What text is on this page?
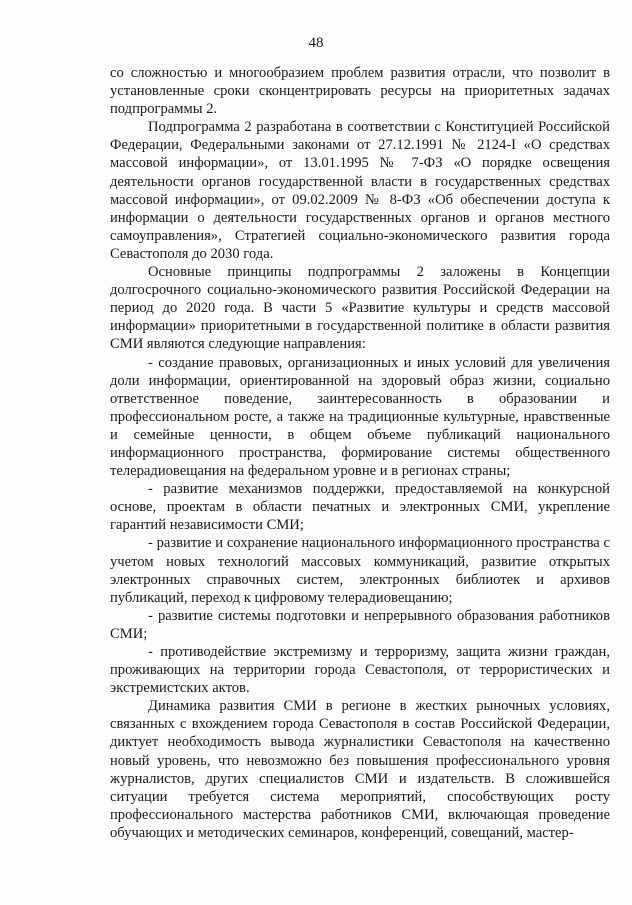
48

со сложностью и многообразием проблем развития отрасли, что позволит в установленные сроки сконцентрировать ресурсы на приоритетных задачах подпрограммы 2.

Подпрограмма 2 разработана в соответствии с Конституцией Российской Федерации, Федеральными законами от 27.12.1991 № 2124-I «О средствах массовой информации», от 13.01.1995 № 7-ФЗ «О порядке освещения деятельности органов государственной власти в государственных средствах массовой информации», от 09.02.2009 № 8-ФЗ «Об обеспечении доступа к информации о деятельности государственных органов и органов местного самоуправления», Стратегией социально-экономического развития города Севастополя до 2030 года.

Основные принципы подпрограммы 2 заложены в Концепции долгосрочного социально-экономического развития Российской Федерации на период до 2020 года. В части 5 «Развитие культуры и средств массовой информации» приоритетными в государственной политике в области развития СМИ являются следующие направления:

- создание правовых, организационных и иных условий для увеличения доли информации, ориентированной на здоровый образ жизни, социально ответственное поведение, заинтересованность в образовании и профессиональном росте, а также на традиционные культурные, нравственные и семейные ценности, в общем объеме публикаций национального информационного пространства, формирование системы общественного телерадиовещания на федеральном уровне и в регионах страны;

- развитие механизмов поддержки, предоставляемой на конкурсной основе, проектам в области печатных и электронных СМИ, укрепление гарантий независимости СМИ;

- развитие и сохранение национального информационного пространства с учетом новых технологий массовых коммуникаций, развитие открытых электронных справочных систем, электронных библиотек и архивов публикаций, переход к цифровому телерадиовещанию;

- развитие системы подготовки и непрерывного образования работников СМИ;

- противодействие экстремизму и терроризму, защита жизни граждан, проживающих на территории города Севастополя, от террористических и экстремистских актов.

Динамика развития СМИ в регионе в жестких рыночных условиях, связанных с вхождением города Севастополя в состав Российской Федерации, диктует необходимость вывода журналистики Севастополя на качественно новый уровень, что невозможно без повышения профессионального уровня журналистов, других специалистов СМИ и издательств. В сложившейся ситуации требуется система мероприятий, способствующих росту профессионального мастерства работников СМИ, включающая проведение обучающих и методических семинаров, конференций, совещаний, мастер-
